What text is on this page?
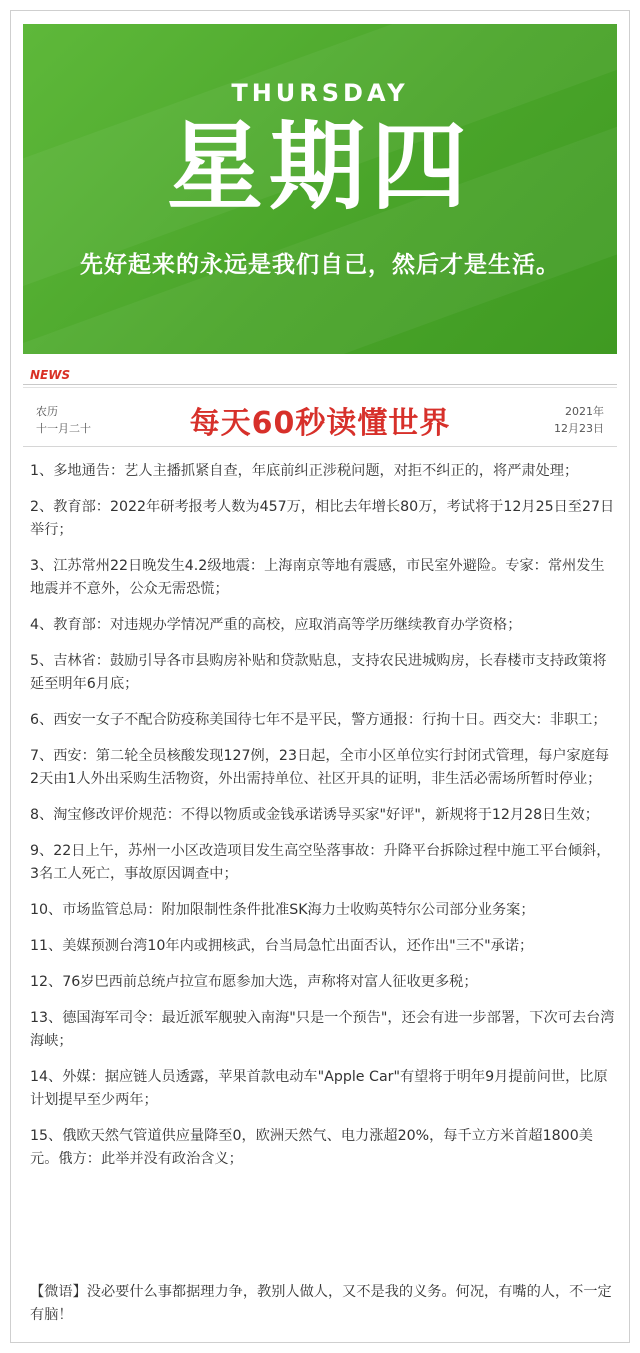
THURSDAY
星期四
先好起来的永远是我们自己，然后才是生活。
NEWS
农历
十一月二十	每天60秒读懂世界	2021年
12月23日
1、多地通告：艺人主播抓紧自查，年底前纠正涉税问题，对拒不纠正的，将严肃处理；
2、教育部：2022年研考报考人数为457万，相比去年增长80万，考试将于12月25日至27日举行；
3、江苏常州22日晚发生4.2级地震：上海南京等地有震感，市民室外避险。专家：常州发生地震并不意外，公众无需恐慌；
4、教育部：对违规办学情况严重的高校，应取消高等学历继续教育办学资格；
5、吉林省：鼓励引导各市县购房补贴和贷款贴息，支持农民进城购房，长春楼市支持政策将延至明年6月底；
6、西安一女子不配合防疫称美国待七年不是平民，警方通报：行拘十日。西交大：非职工；
7、西安：第二轮全员核酸发现127例，23日起，全市小区单位实行封闭式管理，每户家庭每2天由1人外出采购生活物资，外出需持单位、社区开具的证明，非生活必需场所暂时停业；
8、淘宝修改评价规范：不得以物质或金钱承诺诱导买家"好评"，新规将于12月28日生效；
9、22日上午，苏州一小区改造项目发生高空坠落事故：升降平台拆除过程中施工平台倾斜，3名工人死亡，事故原因调查中；
10、市场监管总局：附加限制性条件批准SK海力士收购英特尔公司部分业务案；
11、美媒预测台湾10年内或拥核武，台当局急忙出面否认，还作出"三不"承诺；
12、76岁巴西前总统卢拉宣布愿参加大选，声称将对富人征收更多税；
13、德国海军司令：最近派军舰驶入南海"只是一个预告"，还会有进一步部署，下次可去台湾海峡；
14、外媒：据应链人员透露，苹果首款电动车"Apple Car"有望将于明年9月提前问世，比原计划提早至少两年；
15、俄欧天然气管道供应量降至0，欧洲天然气、电力涨超20%，每千立方米首超1800美元。俄方：此举并没有政治含义；
【微语】没必要什么事都据理力争，教别人做人，又不是我的义务。何况，有嘴的人，不一定有脑！
